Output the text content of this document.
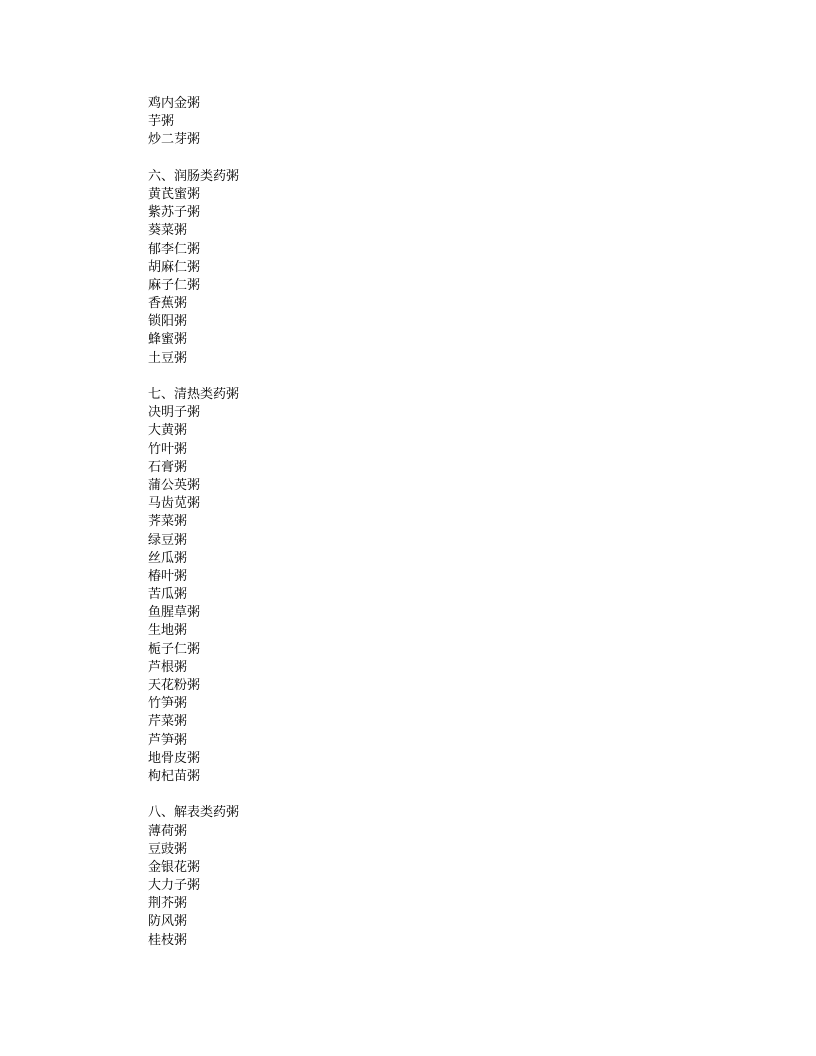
鸡内金粥
芋粥
炒二芽粥
六、润肠类药粥
黄芪蜜粥
紫苏子粥
葵菜粥
郁李仁粥
胡麻仁粥
麻子仁粥
香蕉粥
锁阳粥
蜂蜜粥
土豆粥
七、清热类药粥
决明子粥
大黄粥
竹叶粥
石膏粥
蒲公英粥
马齿苋粥
荠菜粥
绿豆粥
丝瓜粥
椿叶粥
苦瓜粥
鱼腥草粥
生地粥
栀子仁粥
芦根粥
天花粉粥
竹笋粥
芹菜粥
芦笋粥
地骨皮粥
枸杞苗粥
八、解表类药粥
薄荷粥
豆豉粥
金银花粥
大力子粥
荆芥粥
防风粥
桂枝粥
